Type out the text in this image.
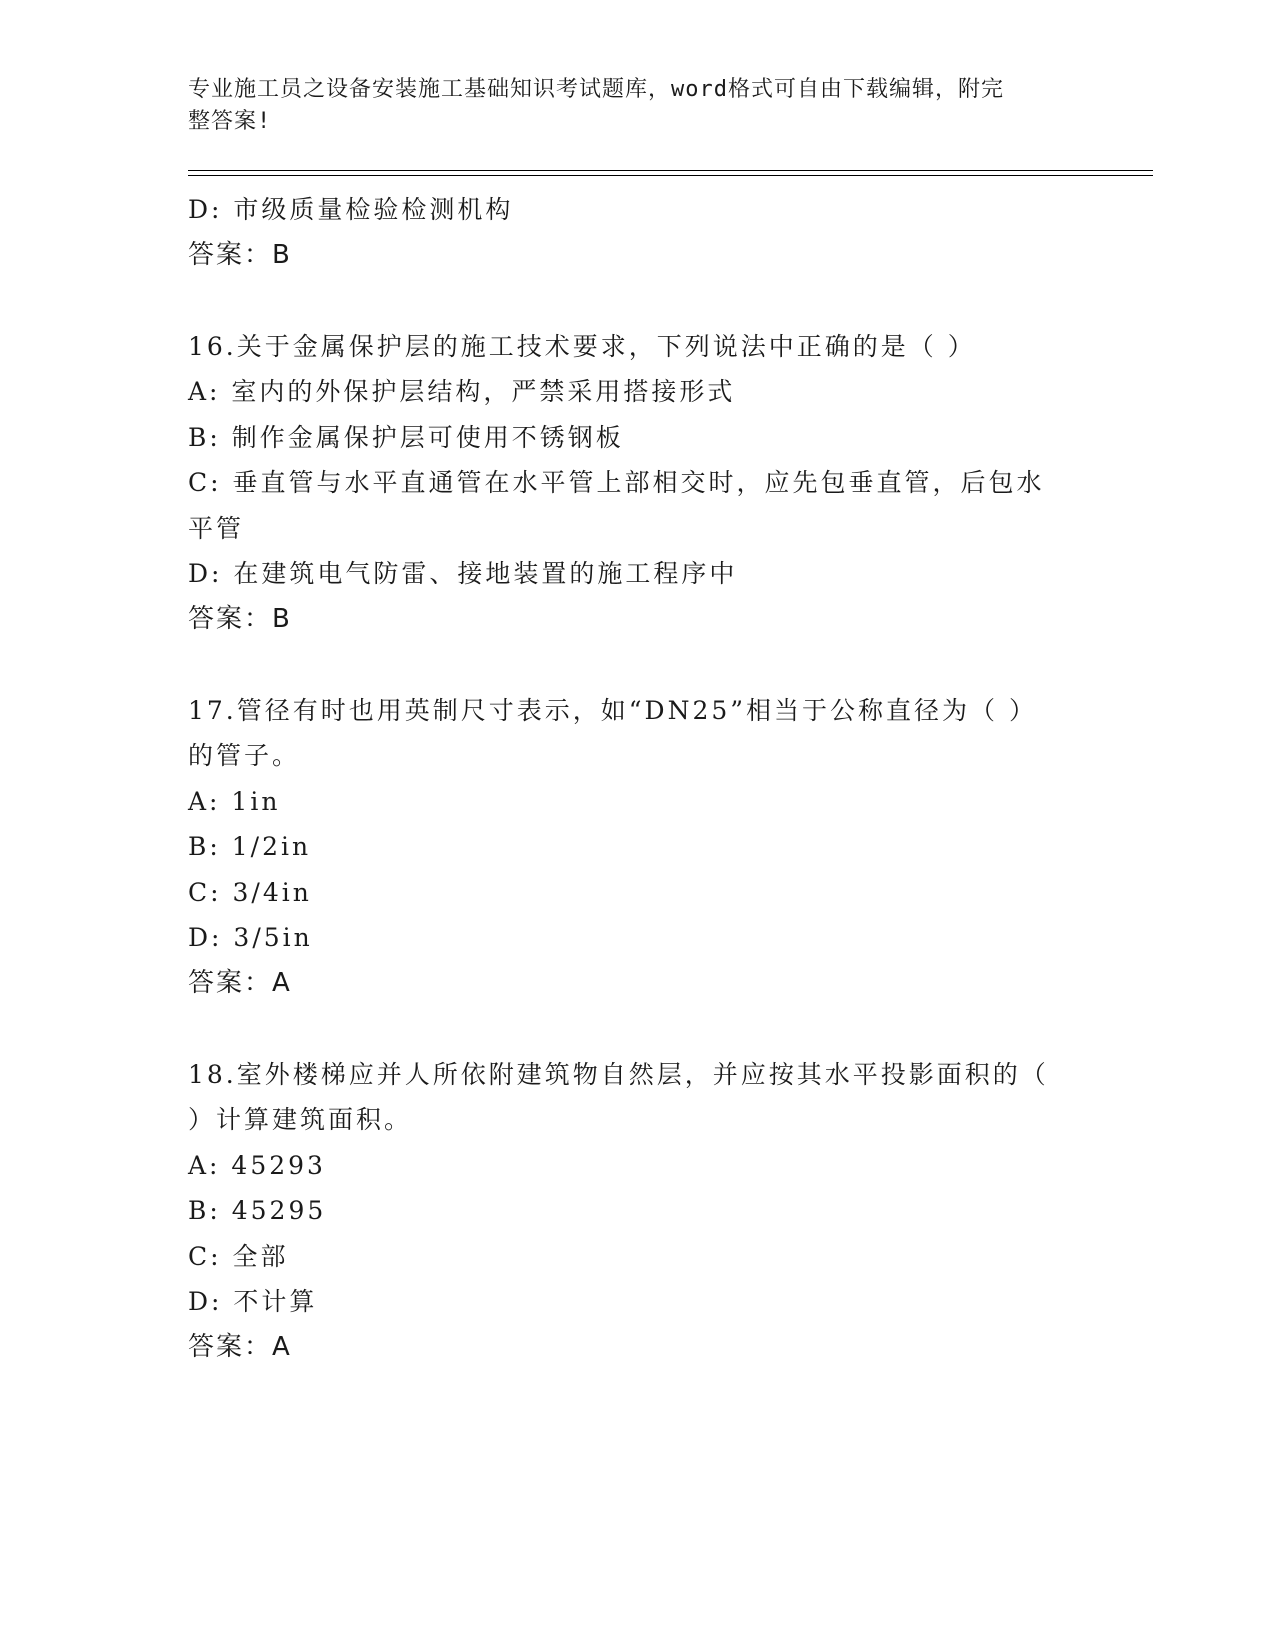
专业施工员之设备安装施工基础知识考试题库，word格式可自由下载编辑，附完
整答案!
D: 市级质量检验检测机构
答案：B
16.关于金属保护层的施工技术要求，下列说法中正确的是（ ）
A: 室内的外保护层结构，严禁采用搭接形式
B: 制作金属保护层可使用不锈钢板
C: 垂直管与水平直通管在水平管上部相交时，应先包垂直管，后包水
平管
D: 在建筑电气防雷、接地装置的施工程序中
答案：B
17.管径有时也用英制尺寸表示，如“DN25”相当于公称直径为（ ）
的管子。
A: 1in
B: 1/2in
C: 3/4in
D: 3/5in
答案：A
18.室外楼梯应并人所依附建筑物自然层，并应按其水平投影面积的（
）计算建筑面积。
A: 45293
B: 45295
C: 全部
D: 不计算
答案：A
